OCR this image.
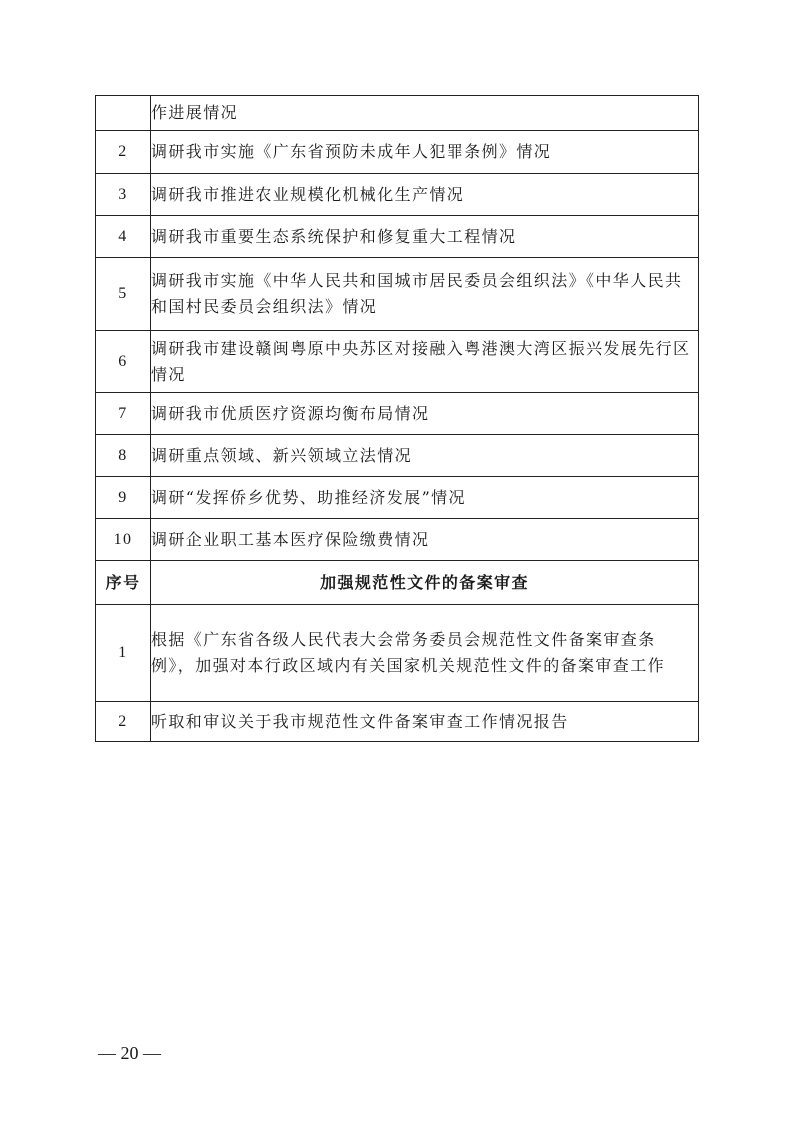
	作进展情况
2	调研我市实施《广东省预防未成年人犯罪条例》情况
3	调研我市推进农业规模化机械化生产情况
4	调研我市重要生态系统保护和修复重大工程情况
5	调研我市实施《中华人民共和国城市居民委员会组织法》《中华人民共和国村民委员会组织法》情况
6	调研我市建设赣闽粤原中央苏区对接融入粤港澳大湾区振兴发展先行区情况
7	调研我市优质医疗资源均衡布局情况
8	调研重点领域、新兴领域立法情况
9	调研“发挥侨乡优势、助推经济发展”情况
10	调研企业职工基本医疗保险缴费情况
序号	加强规范性文件的备案审查
1	根据《广东省各级人民代表大会常务委员会规范性文件备案审查条例》，加强对本行政区域内有关国家机关规范性文件的备案审查工作
2	听取和审议关于我市规范性文件备案审查工作情况报告
— 20 —
